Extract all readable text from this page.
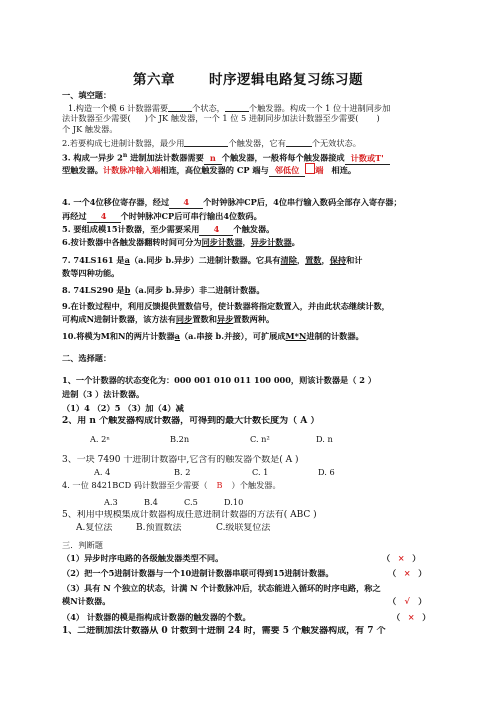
第六章	时序逻辑电路复习练习题
一、填空题：
1.构造一个模 6 计数器需要	个状态，	个触发器。构成一个 1 位十进制同步加
法计数器至少需要( )个 JK 触发器，一个 1 位 5 进制同步加法计数器至少需要( )
个 JK 触发器。
2.若要构成七进制计数器，最少用	个触发器，它有	个无效状态。
3. 构成一异步 2$^n$ 进制加法计数器需要 n 个触发器，一般将每个触发器接成 计数或T'
型触发器。计数脉冲输入端相连，高位触发器的 CP 端与 邻低位 端 相连。
4. 一个4位移位寄存器，经过 4 个时钟脉冲CP后，4位串行输入数码全部存入寄存器；
再经过 4 个时钟脉冲CP后可串行输出4位数码。
5. 要组成模15计数器，至少需要采用 4 个触发器。
6.按计数器中各触发器翻转时间可分为同步计数器，异步计数器。
7. 74LS161 是a（a.同步 b.异步）二进制计数器。它具有清除，置数，保持和计
数等四种功能。
8. 74LS290 是b（a.同步 b.异步）非二进制计数器。
9.在计数过程中，利用反馈提供置数信号，使计数器将指定数置入，并由此状态继续计数，
可构成N进制计数器，该方法有同步置数和异步置数两种。
10.将模为M和N的两片计数器a（a.串接 b.并接），可扩展成M*N进制的计数器。
二、选择题：
1、一个计数器的状态变化为：000 001 010 011 100 000，则该计数器是（ 2 ）
进制（3 ）法计数器。
（1）4 （2）5 （3）加（4）减
2、用 n 个触发器构成计数器，可得到的最大计数长度为（ A ）
A. 2ⁿ	B.2n	C. n²	D. n
3、一块 7490 十进制计数器中,它含有的触发器个数是( A )
A. 4	B. 2	C. 1	D. 6
4. 一位 8421BCD 码计数器至少需要（ B ）个触发器。
A.3	B.4	C.5	D.10
5、利用中规模集成计数器构成任意进制计数器的方法有( ABC )
A.复位法	B.预置数法	C.级联复位法
三．判断题
（1）异步时序电路的各级触发器类型不同。	（ × ）
（2）把一个5进制计数器与一个10进制计数器串联可得到15进制计数器。	（ × ）
（3）具有 N 个独立的状态，计满 N 个计数脉冲后，状态能进入循环的时序电路，称之
模N计数器。	（ √ ）
（4） 计数器的模是指构成计数器的触发器的个数。	（ × ）
1、二进制加法计数器从 0 计数到十进制 24 时，需要 5 个触发器构成，有 7 个
